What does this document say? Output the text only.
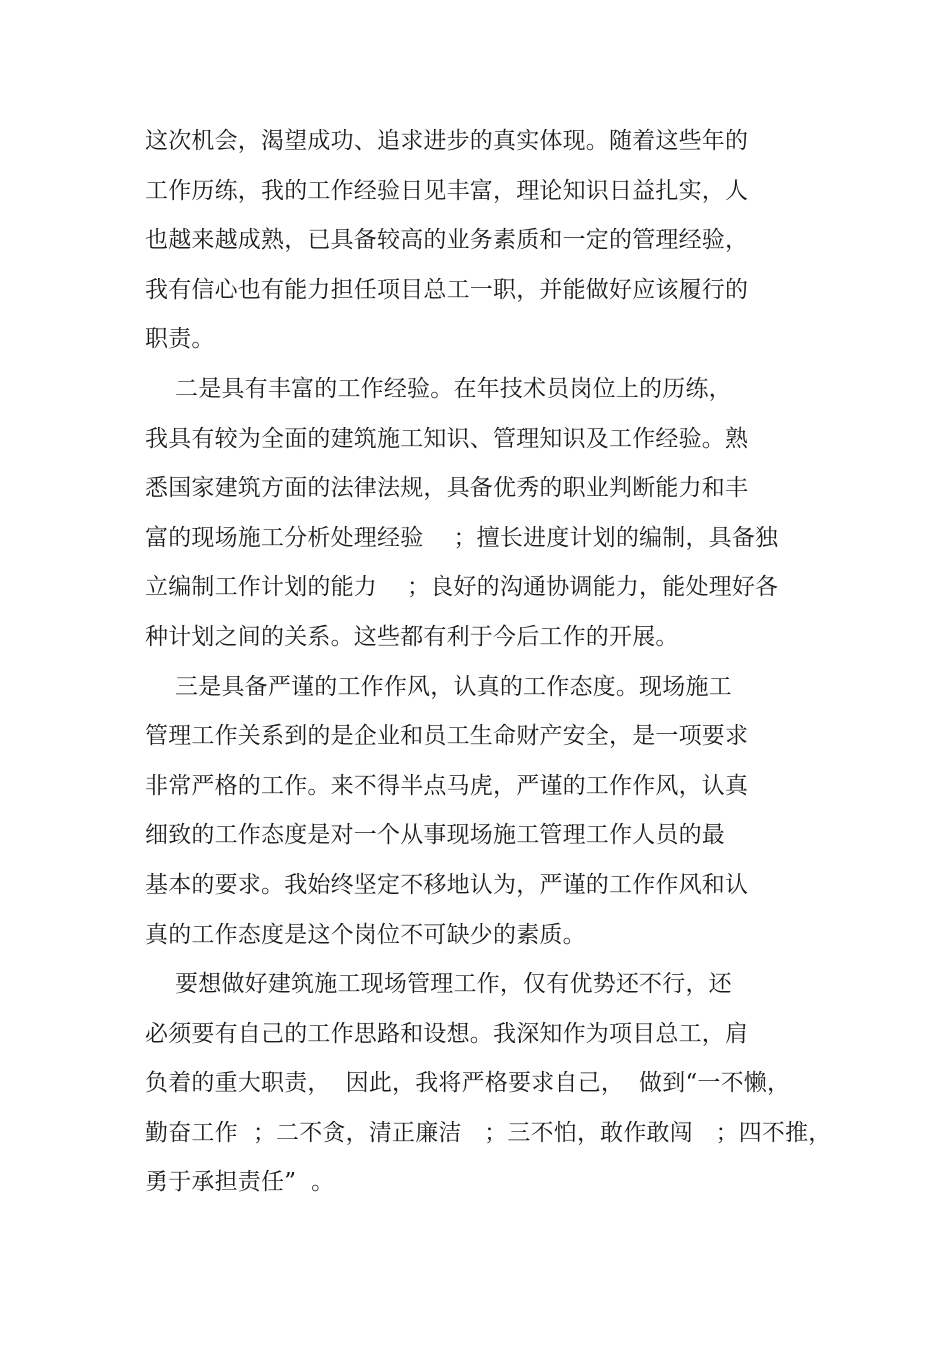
这次机会，渴望成功、追求进步的真实体现。随着这些年的
工作历练，我的工作经验日见丰富，理论知识日益扎实，人
也越来越成熟，已具备较高的业务素质和一定的管理经验，
我有信心也有能力担任项目总工一职，并能做好应该履行的
职责。
二是具有丰富的工作经验。在年技术员岗位上的历练，
我具有较为全面的建筑施工知识、管理知识及工作经验。熟
悉国家建筑方面的法律法规，具备优秀的职业判断能力和丰
富的现场施工分析处理经验    ；擅长进度计划的编制，具备独
立编制工作计划的能力    ；良好的沟通协调能力，能处理好各
种计划之间的关系。这些都有利于今后工作的开展。
三是具备严谨的工作作风，认真的工作态度。现场施工
管理工作关系到的是企业和员工生命财产安全，是一项要求
非常严格的工作。来不得半点马虎，严谨的工作作风，认真
细致的工作态度是对一个从事现场施工管理工作人员的最
基本的要求。我始终坚定不移地认为，严谨的工作作风和认
真的工作态度是这个岗位不可缺少的素质。
要想做好建筑施工现场管理工作，仅有优势还不行，还
必须要有自己的工作思路和设想。我深知作为项目总工，肩
负着的重大职责，  因此，我将严格要求自己，  做到“一不懒，
勤奋工作  ；二不贪，清正廉洁   ；三不怕，敢作敢闯   ；四不推，
勇于承担责任”  。
